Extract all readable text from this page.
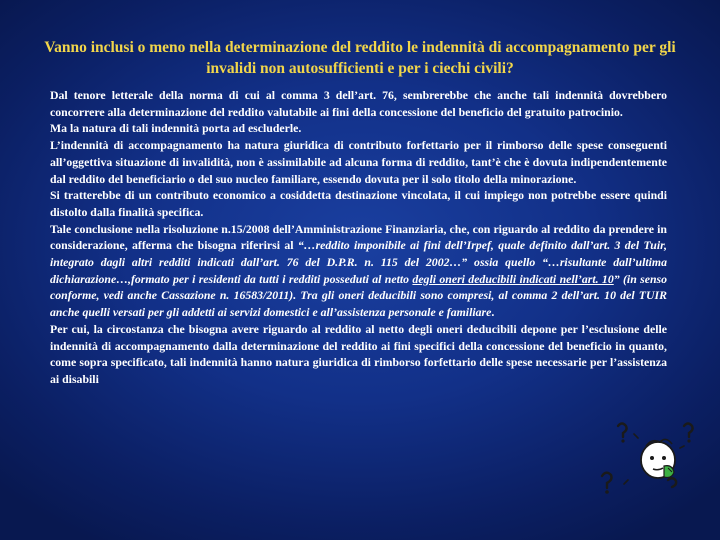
Vanno inclusi o meno nella determinazione del reddito le indennità di accompagnamento per gli invalidi non autosufficienti e per i ciechi civili?

Dal tenore letterale della norma di cui al comma 3 dell’art. 76, sembrerebbe che anche tali indennità dovrebbero concorrere alla determinazione del reddito valutabile ai fini della concessione del beneficio del gratuito patrocinio.

Ma la natura di tali indennità porta ad escluderle.

L’indennità di accompagnamento ha natura giuridica di contributo forfettario per il rimborso delle spese conseguenti all’oggettiva situazione di invalidità, non è assimilabile ad alcuna forma di reddito, tant’è che è dovuta indipendentemente dal reddito del beneficiario o del suo nucleo familiare, essendo dovuta per il solo titolo della minorazione.

Si tratterebbe di un contributo economico a cosiddetta destinazione vincolata, il cui impiego non potrebbe essere quindi distolto dalla finalità specifica.

Tale conclusione nella risoluzione n.15/2008 dell’Amministrazione Finanziaria, che, con riguardo al reddito da prendere in considerazione, afferma che bisogna riferirsi al “…reddito imponibile ai fini dell’Irpef, quale definito dall’art. 3 del Tuir, integrato dagli altri redditi indicati dall’art. 76 del D.P.R. n. 115 del 2002…” ossia quello “…risultante dall’ultima dichiarazione…,formato per i residenti da tutti i redditi posseduti al netto degli oneri deducibili indicati nell’art. 10” (in senso conforme, vedi anche Cassazione n. 16583/2011). Tra gli oneri deducibili sono compresi, al comma 2 dell’art. 10 del TUIR anche quelli versati per gli addetti ai servizi domestici e all’assistenza personale e familiare.

Per cui, la circostanza che bisogna avere riguardo al reddito al netto degli oneri deducibili depone per l’esclusione delle indennità di accompagnamento dalla determinazione del reddito ai fini specifici della concessione del beneficio in quanto, come sopra specificato, tali indennità hanno natura giuridica di rimborso forfettario delle spese necessarie per l’assistenza ai disabili
